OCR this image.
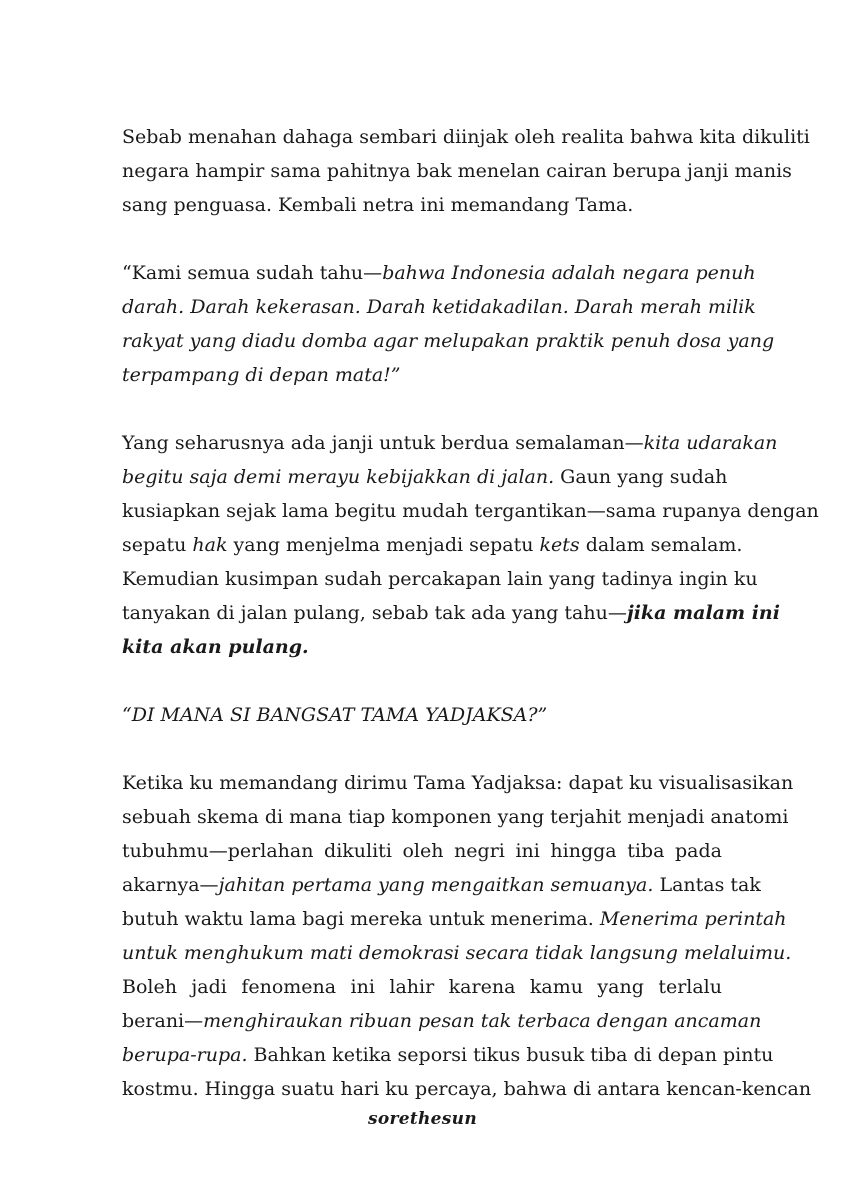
Sebab menahan dahaga sembari diinjak oleh realita bahwa kita dikuliti
negara hampir sama pahitnya bak menelan cairan berupa janji manis
sang penguasa. Kembali netra ini memandang Tama.
“Kami semua sudah tahu—bahwa Indonesia adalah negara penuh
darah. Darah kekerasan. Darah ketidakadilan. Darah merah milik
rakyat yang diadu domba agar melupakan praktik penuh dosa yang
terpampang di depan mata!”
Yang seharusnya ada janji untuk berdua semalaman—kita udarakan
begitu saja demi merayu kebijakkan di jalan. Gaun yang sudah
kusiapkan sejak lama begitu mudah tergantikan—sama rupanya dengan
sepatu hak yang menjelma menjadi sepatu kets dalam semalam.
Kemudian kusimpan sudah percakapan lain yang tadinya ingin ku
tanyakan di jalan pulang, sebab tak ada yang tahu—jika malam ini
kita akan pulang.
“DI MANA SI BANGSAT TAMA YADJAKSA?”
Ketika ku memandang dirimu Tama Yadjaksa: dapat ku visualisasikan
sebuah skema di mana tiap komponen yang terjahit menjadi anatomi
tubuhmu—perlahan dikuliti oleh negri ini hingga tiba pada
akarnya—jahitan pertama yang mengaitkan semuanya. Lantas tak
butuh waktu lama bagi mereka untuk menerima. Menerima perintah
untuk menghukum mati demokrasi secara tidak langsung melaluimu.
Boleh jadi fenomena ini lahir karena kamu yang terlalu
berani—menghiraukan ribuan pesan tak terbaca dengan ancaman
berupa-rupa. Bahkan ketika seporsi tikus busuk tiba di depan pintu
kostmu. Hingga suatu hari ku percaya, bahwa di antara kencan-kencan
sorethesun
